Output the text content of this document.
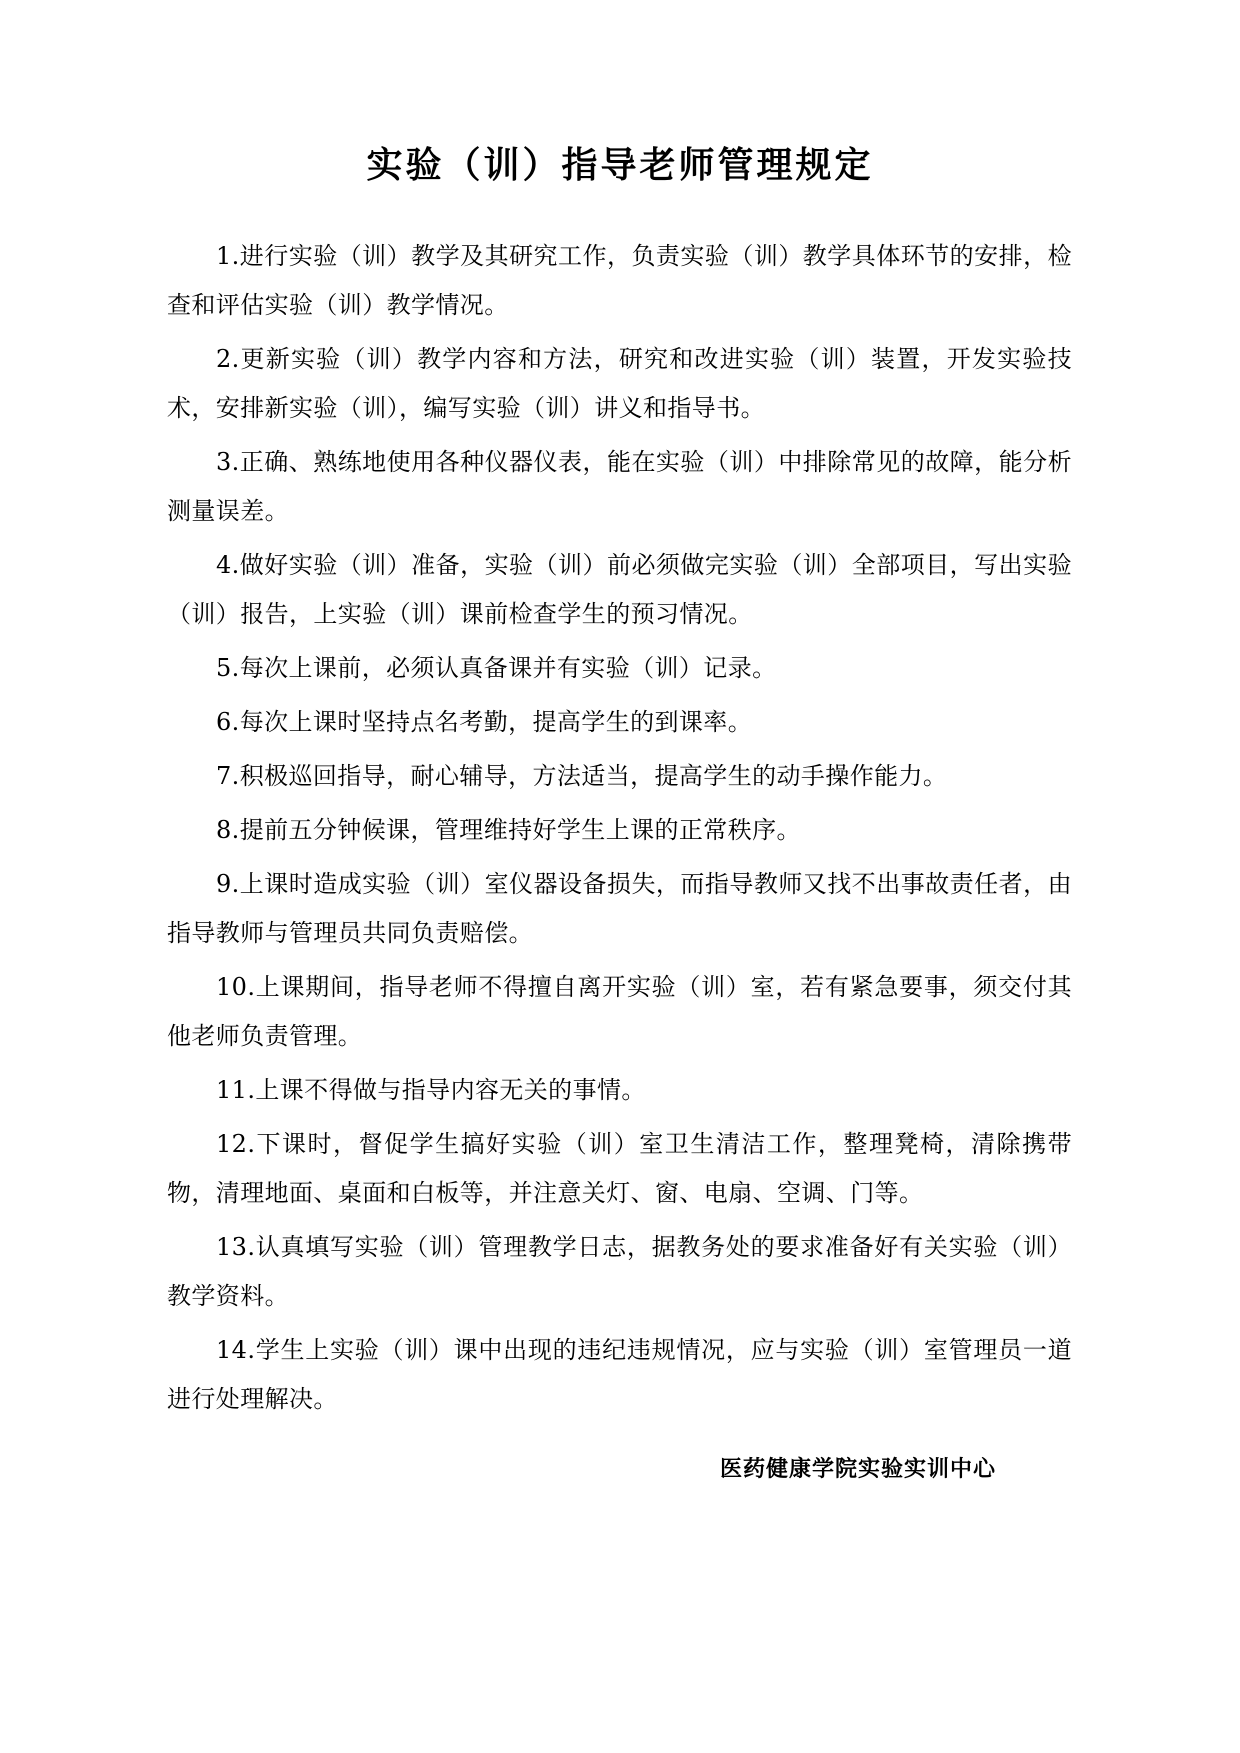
实验（训）指导老师管理规定

1.进行实验（训）教学及其研究工作，负责实验（训）教学具体环节的安排，检查和评估实验（训）教学情况。

2.更新实验（训）教学内容和方法，研究和改进实验（训）装置，开发实验技术，安排新实验（训），编写实验（训）讲义和指导书。

3.正确、熟练地使用各种仪器仪表，能在实验（训）中排除常见的故障，能分析测量误差。

4.做好实验（训）准备，实验（训）前必须做完实验（训）全部项目，写出实验（训）报告，上实验（训）课前检查学生的预习情况。

5.每次上课前，必须认真备课并有实验（训）记录。

6.每次上课时坚持点名考勤，提高学生的到课率。

7.积极巡回指导，耐心辅导，方法适当，提高学生的动手操作能力。

8.提前五分钟候课，管理维持好学生上课的正常秩序。

9.上课时造成实验（训）室仪器设备损失，而指导教师又找不出事故责任者，由指导教师与管理员共同负责赔偿。

10.上课期间，指导老师不得擅自离开实验（训）室，若有紧急要事，须交付其他老师负责管理。

11.上课不得做与指导内容无关的事情。

12.下课时，督促学生搞好实验（训）室卫生清洁工作，整理凳椅，清除携带物，清理地面、桌面和白板等，并注意关灯、窗、电扇、空调、门等。

13.认真填写实验（训）管理教学日志，据教务处的要求准备好有关实验（训）教学资料。

14.学生上实验（训）课中出现的违纪违规情况，应与实验（训）室管理员一道进行处理解决。

医药健康学院实验实训中心
